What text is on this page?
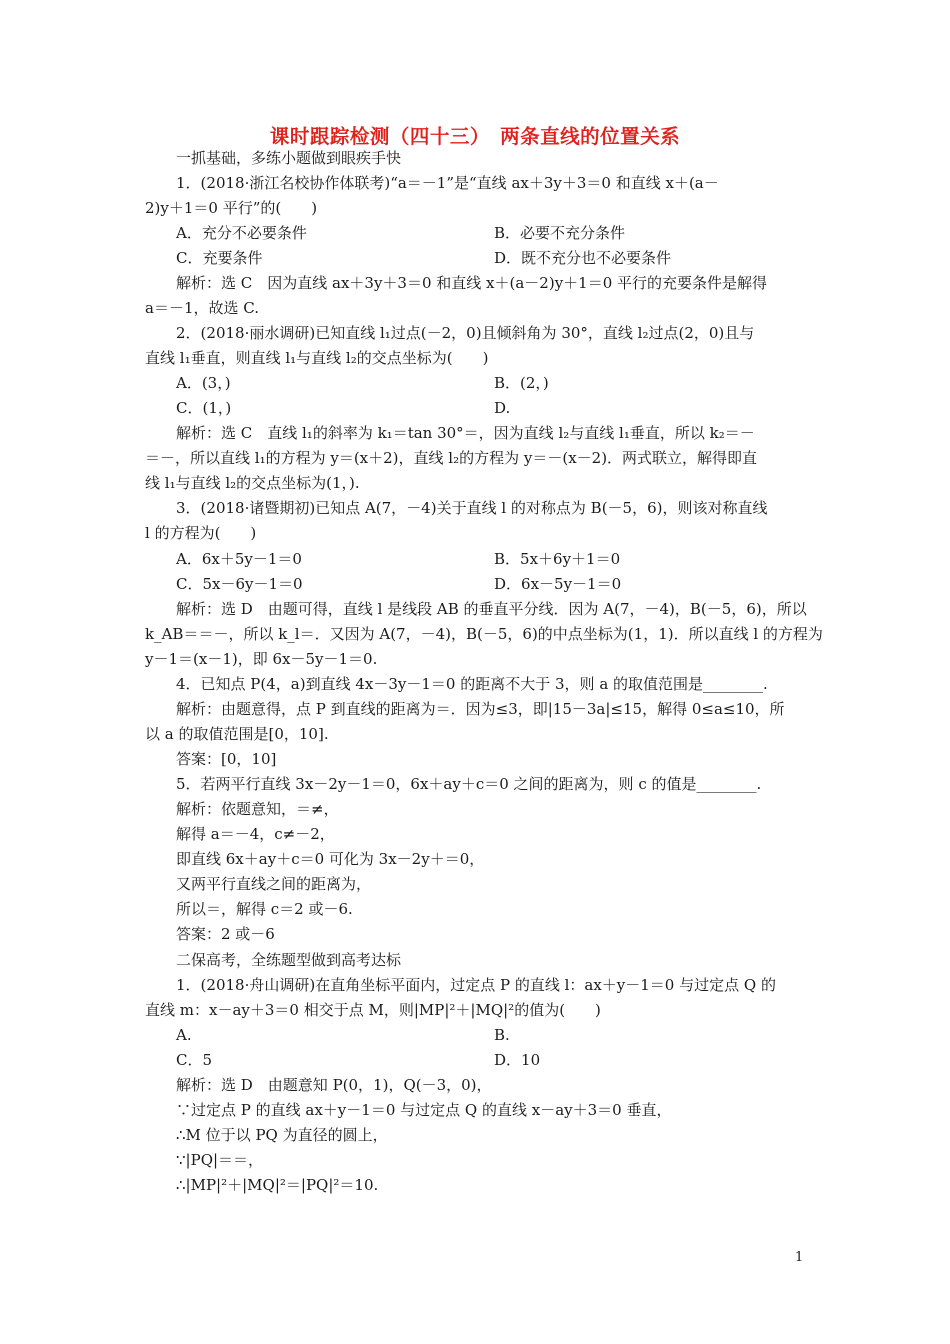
课时跟踪检测（四十三）　两条直线的位置关系
一抓基础，多练小题做到眼疾手快
1．(2018·浙江名校协作体联考)“a＝－1”是“直线 ax＋3y＋3＝0 和直线 x＋(a－
2)y＋1＝0 平行”的(　　)
A．充分不必要条件	B．必要不充分条件
C．充要条件	D．既不充分也不必要条件
解析：选 C　因为直线 ax＋3y＋3＝0 和直线 x＋(a－2)y＋1＝0 平行的充要条件是解得
a＝－1，故选 C.
2．(2018·丽水调研)已知直线 l₁过点(－2，0)且倾斜角为 30°，直线 l₂过点(2，0)且与
直线 l₁垂直，则直线 l₁与直线 l₂的交点坐标为(　　)
A．(3，)	B．(2，)
C．(1，)	D.
解析：选 C　直线 l₁的斜率为 k₁＝tan 30°＝，因为直线 l₂与直线 l₁垂直，所以 k₂＝－
＝－，所以直线 l₁的方程为 y＝(x＋2)，直线 l₂的方程为 y＝－(x－2)．两式联立，解得即直
线 l₁与直线 l₂的交点坐标为(1，).
3．(2018·诸暨期初)已知点 A(7，－4)关于直线 l 的对称点为 B(－5，6)，则该对称直线
l 的方程为(　　)
A．6x＋5y－1＝0	B．5x＋6y＋1＝0
C．5x－6y－1＝0	D．6x－5y－1＝0
解析：选 D　由题可得，直线 l 是线段 AB 的垂直平分线．因为 A(7，－4)，B(－5，6)，所以
k_AB＝＝－，所以 k_l＝．又因为 A(7，－4)，B(－5，6)的中点坐标为(1，1)．所以直线 l 的方程为
y－1＝(x－1)，即 6x－5y－1＝0.
4．已知点 P(4，a)到直线 4x－3y－1＝0 的距离不大于 3，则 a 的取值范围是________.
解析：由题意得，点 P 到直线的距离为＝．因为≤3，即|15－3a|≤15，解得 0≤a≤10，所
以 a 的取值范围是[0，10].
答案：[0，10]
5．若两平行直线 3x－2y－1＝0，6x＋ay＋c＝0 之间的距离为，则 c 的值是________.
解析：依题意知，＝≠，
解得 a＝－4，c≠－2，
即直线 6x＋ay＋c＝0 可化为 3x－2y＋＝0，
又两平行直线之间的距离为，
所以＝，解得 c＝2 或－6.
答案：2 或－6
二保高考，全练题型做到高考达标
1．(2018·舟山调研)在直角坐标平面内，过定点 P 的直线 l：ax＋y－1＝0 与过定点 Q 的
直线 m：x－ay＋3＝0 相交于点 M，则|MP|²＋|MQ|²的值为(　　)
A.	B.
C．5	D．10
解析：选 D　由题意知 P(0，1)，Q(－3，0)，
∵过定点 P 的直线 ax＋y－1＝0 与过定点 Q 的直线 x－ay＋3＝0 垂直，
∴M 位于以 PQ 为直径的圆上，
∵|PQ|＝＝，
∴|MP|²＋|MQ|²＝|PQ|²＝10.
1
